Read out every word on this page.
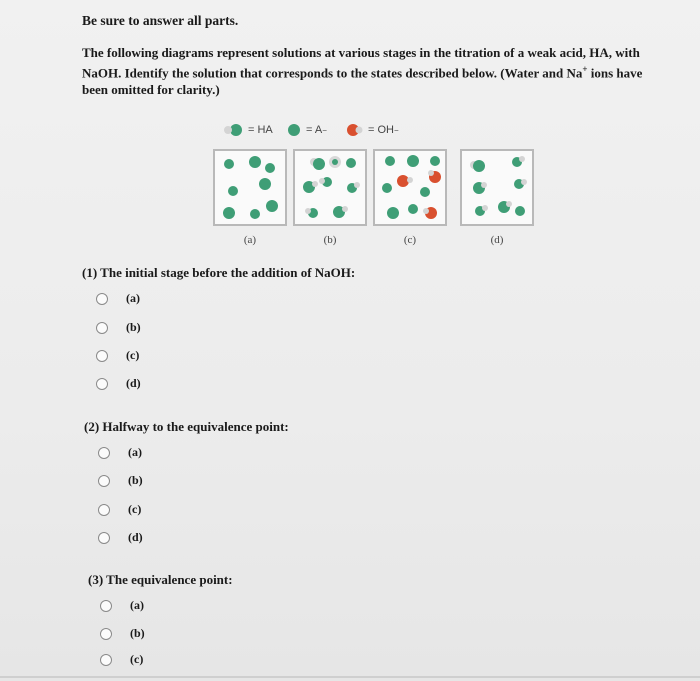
Be sure to answer all parts.
The following diagrams represent solutions at various stages in the titration of a weak acid, HA, with
NaOH. Identify the solution that corresponds to the states described below. (Water and Na+ ions have
been omitted for clarity.)
= HA	= A −	= OH −
(a)	(b)	(c)	(d)
(1) The initial stage before the addition of NaOH:
(a)
(b)
(c)
(d)
(2) Halfway to the equivalence point:
(a)
(b)
(c)
(d)
(3) The equivalence point:
(a)
(b)
(c)
